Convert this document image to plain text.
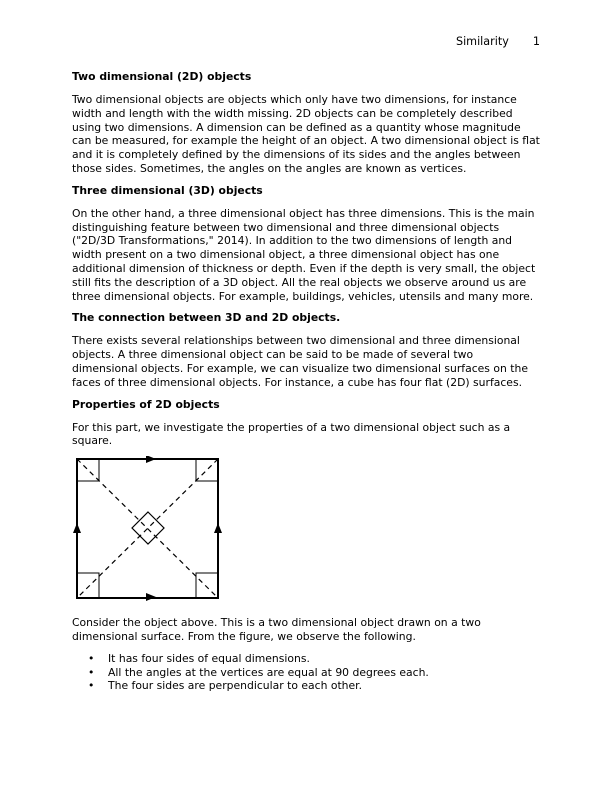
Similarity 1
Two dimensional (2D) objects

Two dimensional objects are objects which only have two dimensions, for instance width and length with the width missing. 2D objects can be completely described using two dimensions. A dimension can be defined as a quantity whose magnitude can be measured, for example the height of an object. A two dimensional object is flat and it is completely defined by the dimensions of its sides and the angles between those sides. Sometimes, the angles on the angles are known as vertices.

Three dimensional (3D) objects

On the other hand, a three dimensional object has three dimensions. This is the main distinguishing feature between two dimensional and three dimensional objects ("2D/3D Transformations," 2014). In addition to the two dimensions of length and width present on a two dimensional object, a three dimensional object has one additional dimension of thickness or depth. Even if the depth is very small, the object still fits the description of a 3D object. All the real objects we observe around us are three dimensional objects. For example, buildings, vehicles, utensils and many more.

The connection between 3D and 2D objects.

There exists several relationships between two dimensional and three dimensional objects. A three dimensional object can be said to be made of several two dimensional objects. For example, we can visualize two dimensional surfaces on the faces of three dimensional objects. For instance, a cube has four flat (2D) surfaces.

Properties of 2D objects

For this part, we investigate the properties of a two dimensional object such as a square.

Consider the object above. This is a two dimensional object drawn on a two dimensional surface. From the figure, we observe the following.

• It has four sides of equal dimensions.
• All the angles at the vertices are equal at 90 degrees each.
• The four sides are perpendicular to each other.
